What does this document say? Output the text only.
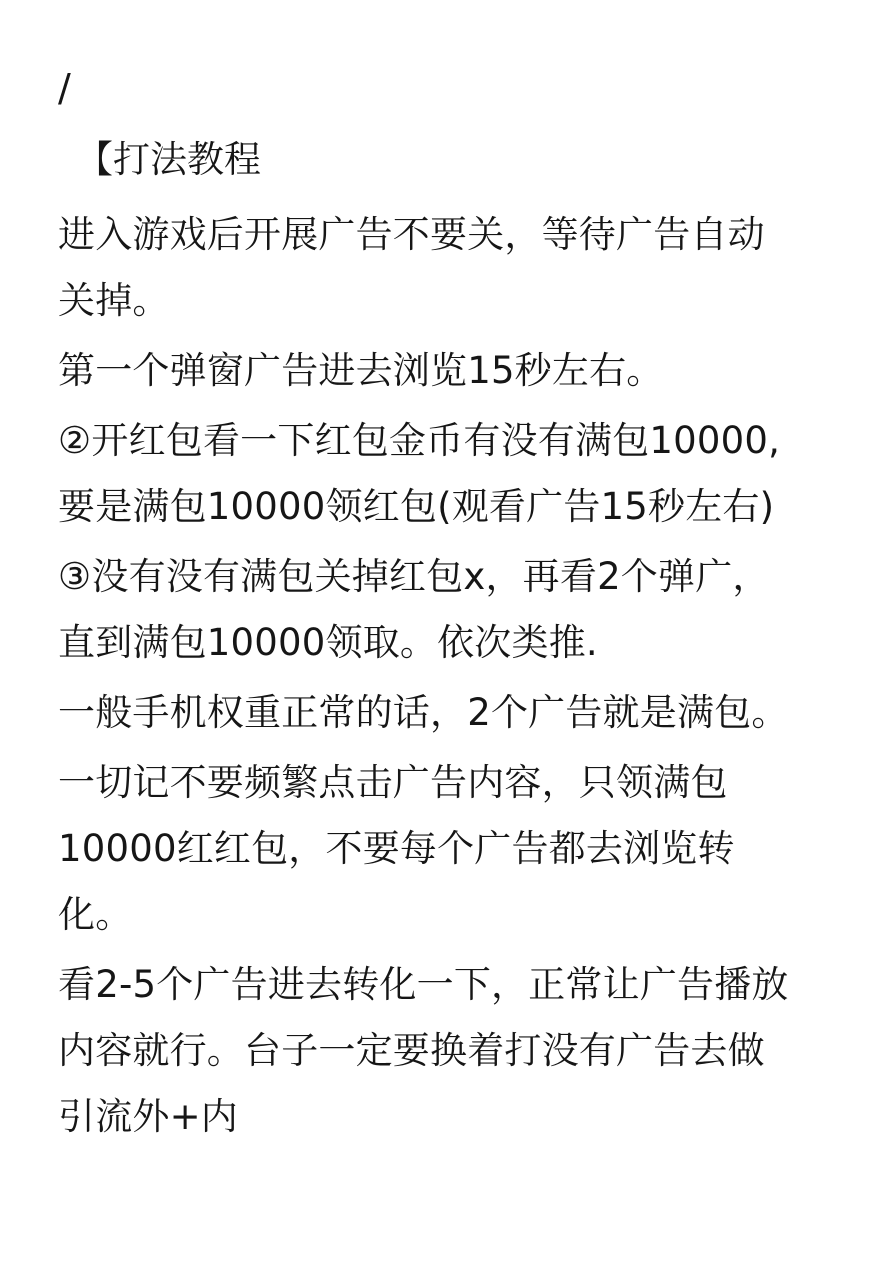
/
【打法教程
进入游戏后开展广告不要关，等待广告自动
关掉。
第一个弹窗广告进去浏览15秒左右。
②开红包看一下红包金币有没有满包10000,
要是满包10000领红包(观看广告15秒左右)
③没有没有满包关掉红包x，再看2个弹广，
直到满包10000领取。依次类推.
一般手机权重正常的话，2个广告就是满包。
一切记不要频繁点击广告内容，只领满包
10000红红包，不要每个广告都去浏览转
化。
看2-5个广告进去转化一下，正常让广告播放
内容就行。台子一定要换着打没有广告去做
引流外+内
